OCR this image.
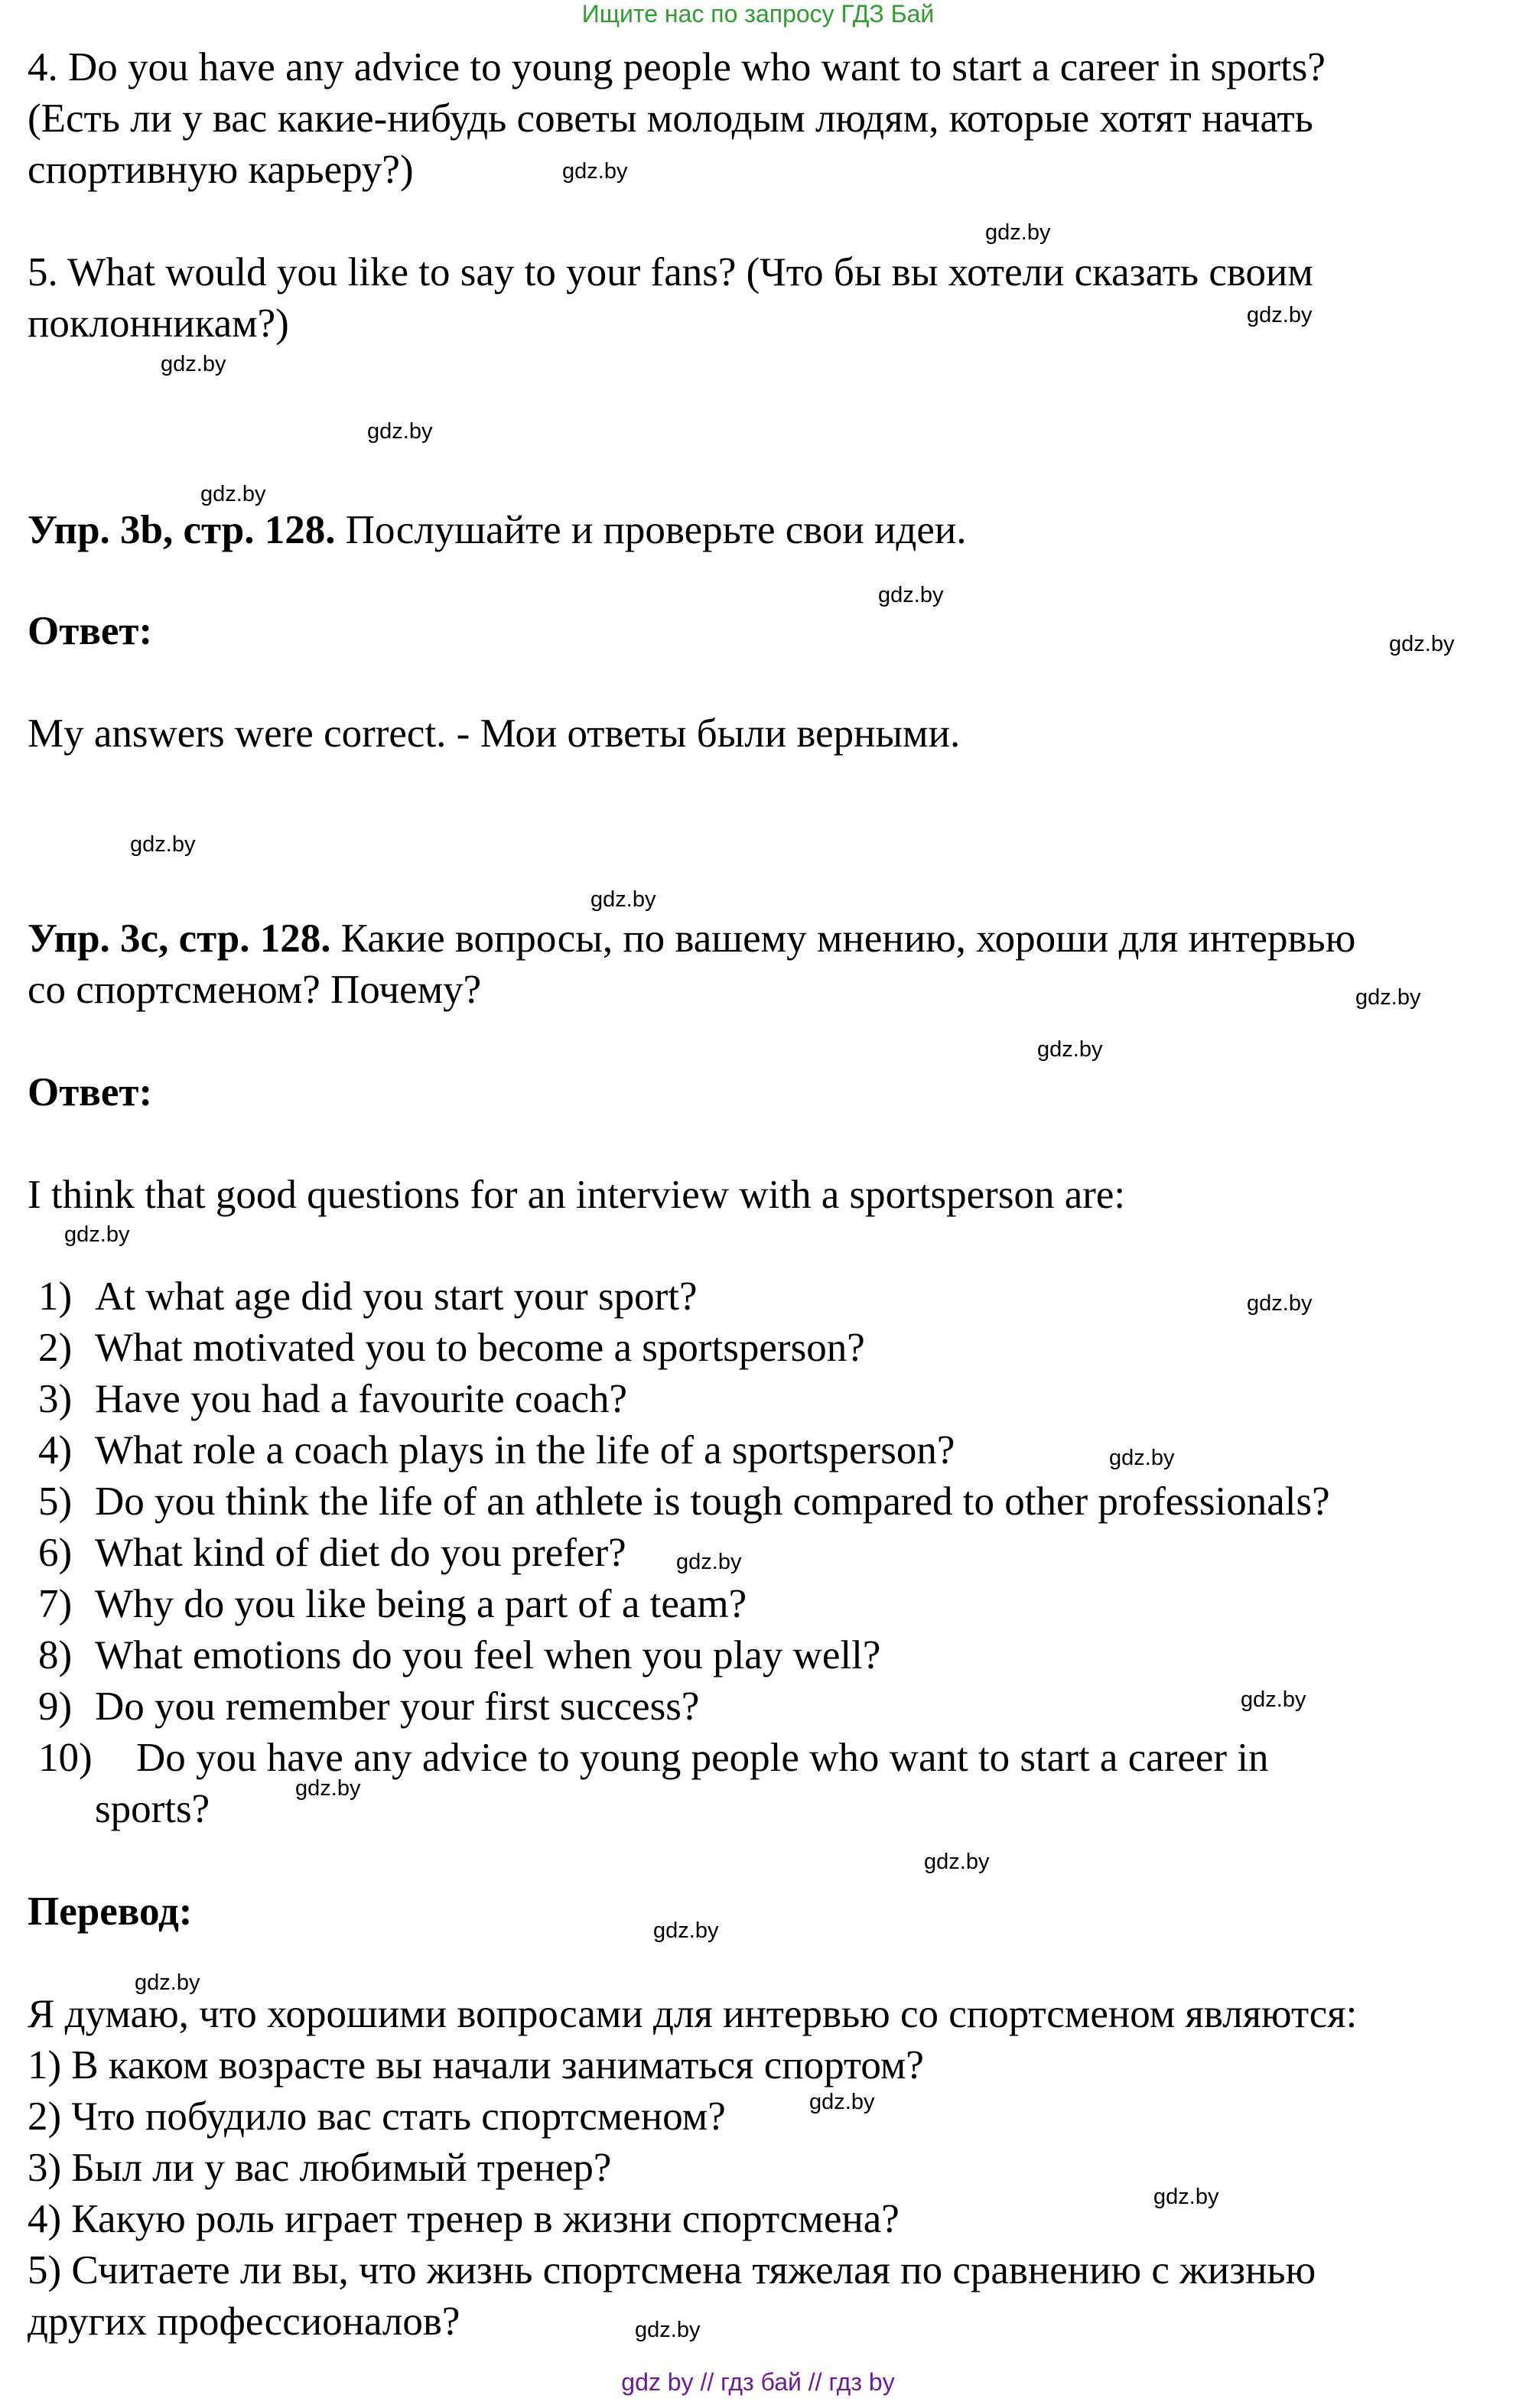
Ищите нас по запросу ГДЗ Бай
4. Do you have any advice to young people who want to start a career in sports?
(Есть ли у вас какие-нибудь советы молодым людям, которые хотят начать
спортивную карьеру?)
5. What would you like to say to your fans? (Что бы вы хотели сказать своим
поклонникам?)
Упр. 3b, стр. 128. Послушайте и проверьте свои идеи.
Ответ:
My answers were correct. - Мои ответы были верными.
Упр. 3c, стр. 128. Какие вопросы, по вашему мнению, хороши для интервью
со спортсменом? Почему?
Ответ:
I think that good questions for an interview with a sportsperson are:
1) At what age did you start your sport?
2) What motivated you to become a sportsperson?
3) Have you had a favourite coach?
4) What role a coach plays in the life of a sportsperson?
5) Do you think the life of an athlete is tough compared to other professionals?
6) What kind of diet do you prefer?
7) Why do you like being a part of a team?
8) What emotions do you feel when you play well?
9) Do you remember your first success?
10) Do you have any advice to young people who want to start a career in
sports?
Перевод:
Я думаю, что хорошими вопросами для интервью со спортсменом являются:
1) В каком возрасте вы начали заниматься спортом?
2) Что побудило вас стать спортсменом?
3) Был ли у вас любимый тренер?
4) Какую роль играет тренер в жизни спортсмена?
5) Считаете ли вы, что жизнь спортсмена тяжелая по сравнению с жизнью
других профессионалов?
gdz.by
gdz.by
gdz.by
gdz.by
gdz.by
gdz.by
gdz.by
gdz.by
gdz.by
gdz.by
gdz.by
gdz.by
gdz.by
gdz.by
gdz.by
gdz.by
gdz.by
gdz.by
gdz.by
gdz.by
gdz.by
gdz.by
gdz.by
gdz.by
gdz by // гдз бай // гдз by
